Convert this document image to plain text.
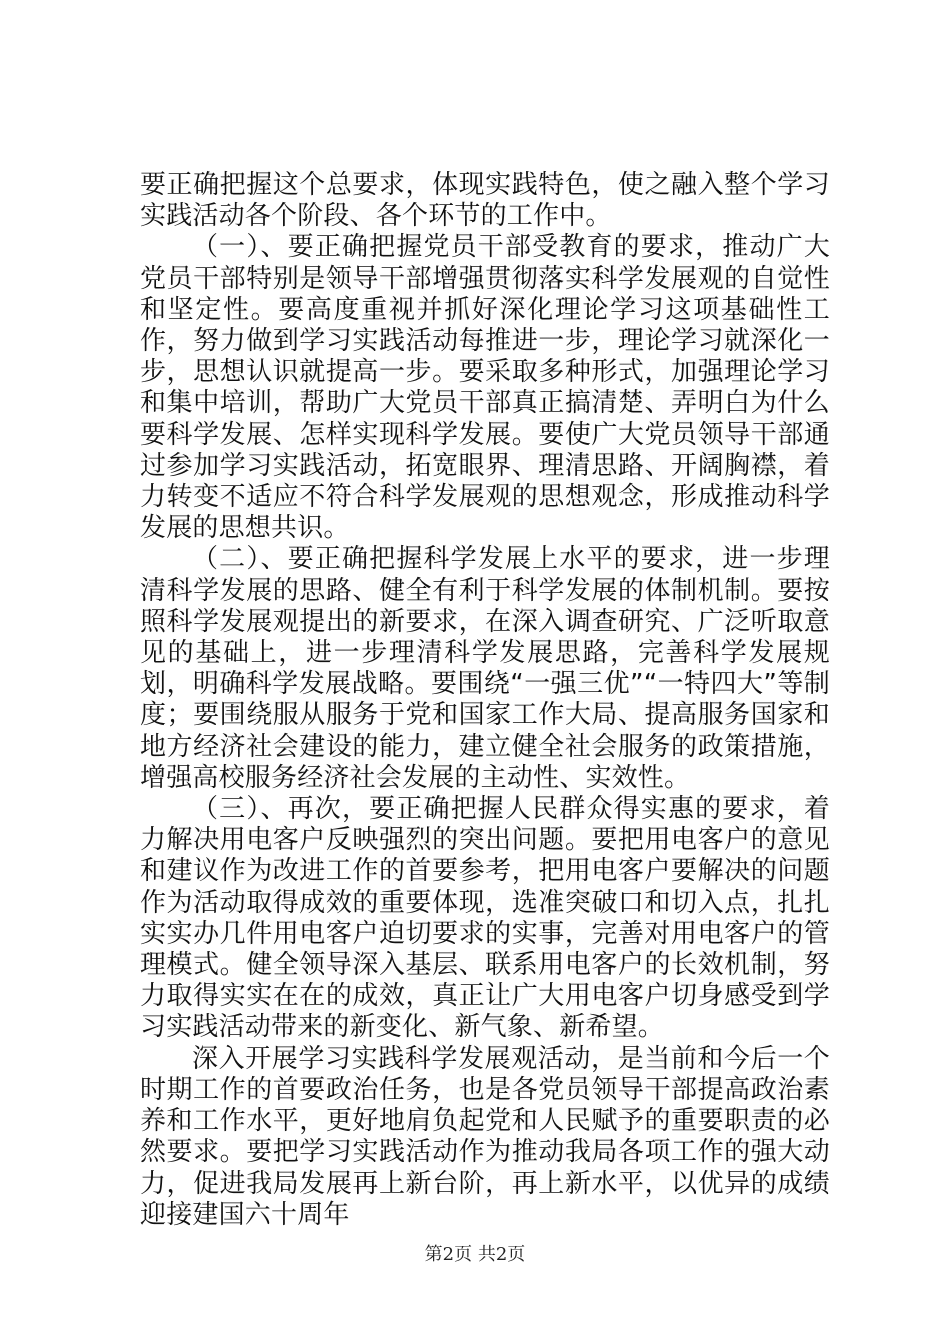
要正确把握这个总要求，体现实践特色，使之融入整个学习实践活动各个阶段、各个环节的工作中。

（一）、要正确把握党员干部受教育的要求，推动广大党员干部特别是领导干部增强贯彻落实科学发展观的自觉性和坚定性。要高度重视并抓好深化理论学习这项基础性工作，努力做到学习实践活动每推进一步，理论学习就深化一步，思想认识就提高一步。要采取多种形式，加强理论学习和集中培训，帮助广大党员干部真正搞清楚、弄明白为什么要科学发展、怎样实现科学发展。要使广大党员领导干部通过参加学习实践活动，拓宽眼界、理清思路、开阔胸襟，着力转变不适应不符合科学发展观的思想观念，形成推动科学发展的思想共识。

（二）、要正确把握科学发展上水平的要求，进一步理清科学发展的思路、健全有利于科学发展的体制机制。要按照科学发展观提出的新要求，在深入调查研究、广泛听取意见的基础上，进一步理清科学发展思路，完善科学发展规划，明确科学发展战略。要围绕“一强三优”“一特四大”等制度；要围绕服从服务于党和国家工作大局、提高服务国家和地方经济社会建设的能力，建立健全社会服务的政策措施，增强高校服务经济社会发展的主动性、实效性。

（三）、再次，要正确把握人民群众得实惠的要求，着力解决用电客户反映强烈的突出问题。要把用电客户的意见和建议作为改进工作的首要参考，把用电客户要解决的问题作为活动取得成效的重要体现，选准突破口和切入点，扎扎实实办几件用电客户迫切要求的实事，完善对用电客户的管理模式。健全领导深入基层、联系用电客户的长效机制，努力取得实实在在的成效，真正让广大用电客户切身感受到学习实践活动带来的新变化、新气象、新希望。

深入开展学习实践科学发展观活动，是当前和今后一个时期工作的首要政治任务，也是各党员领导干部提高政治素养和工作水平，更好地肩负起党和人民赋予的重要职责的必然要求。要把学习实践活动作为推动我局各项工作的强大动力，促进我局发展再上新台阶，再上新水平，以优异的成绩迎接建国六十周年

第2页 共2页
